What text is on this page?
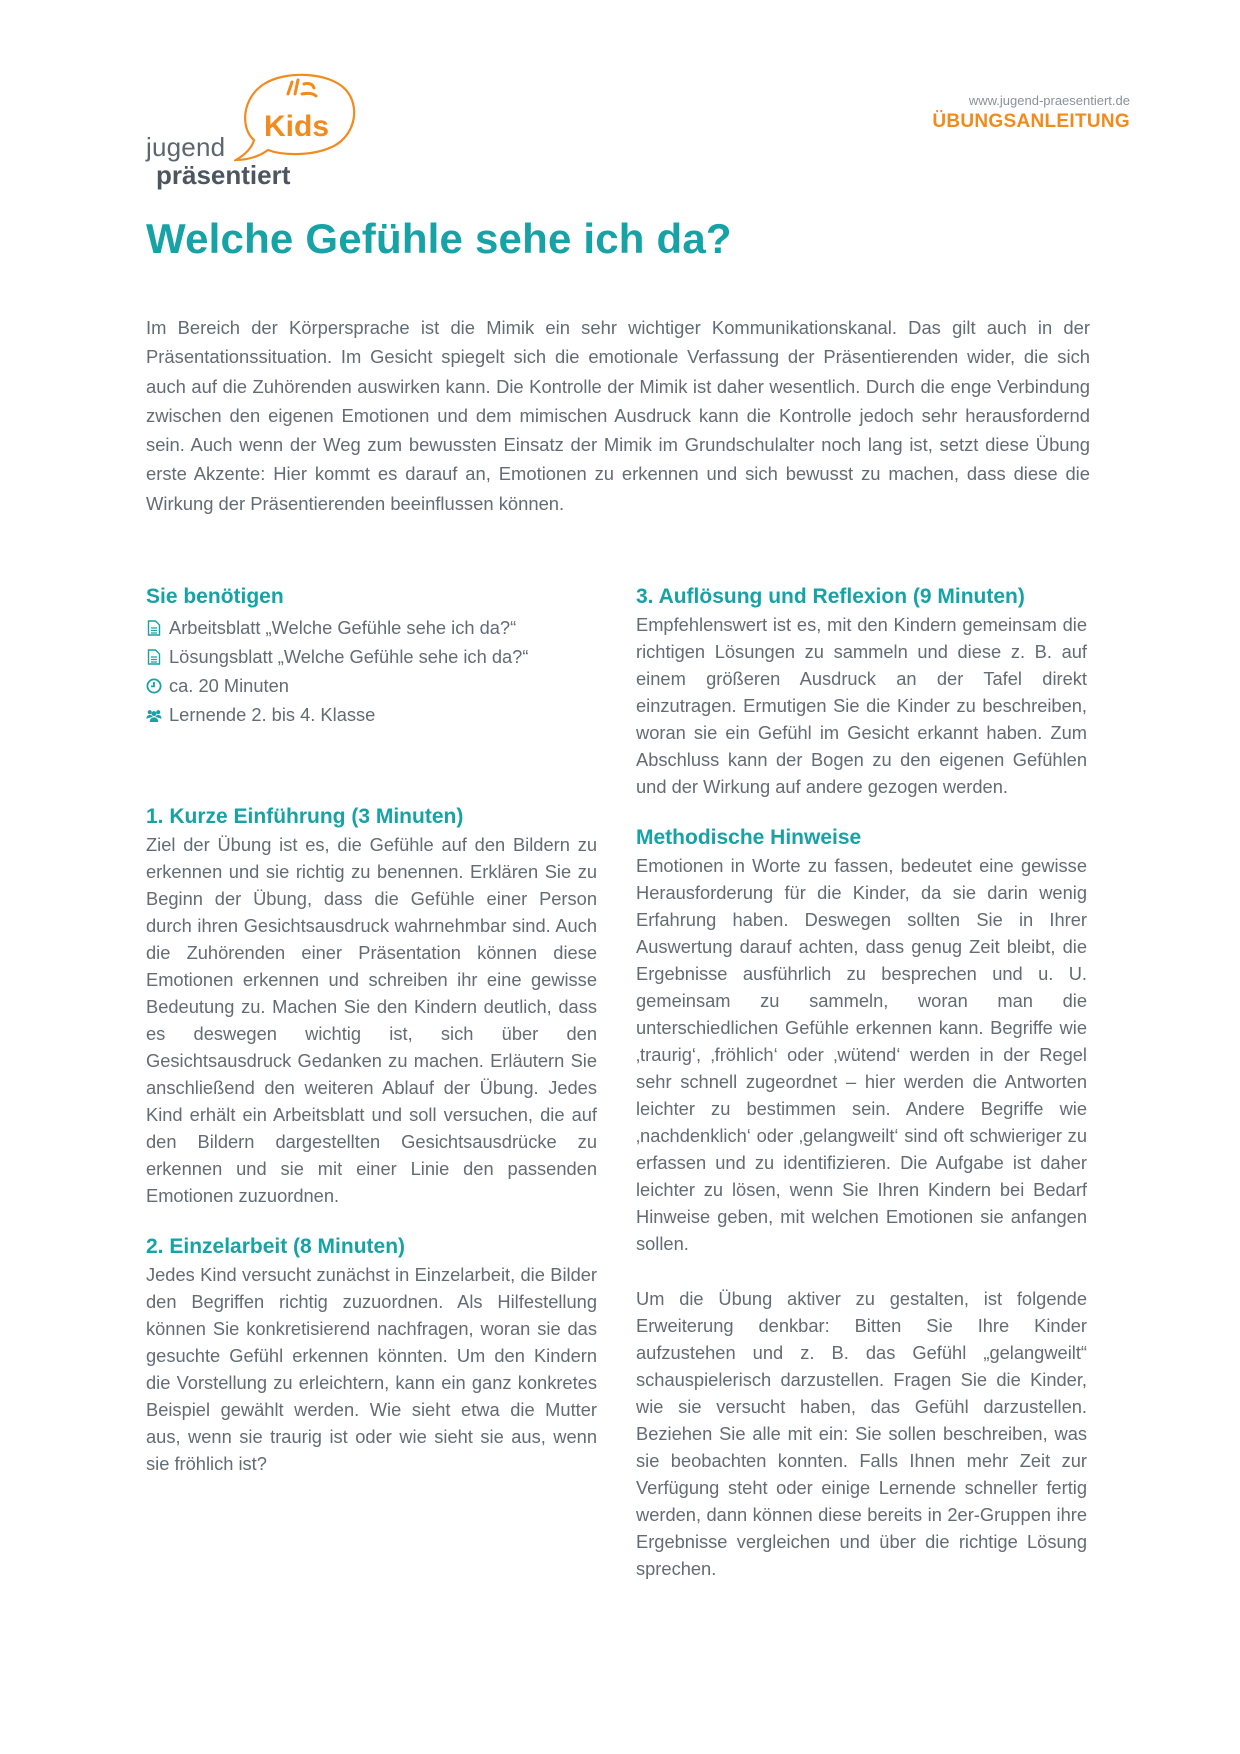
Kids
jugend
präsentiert
www.jugend-praesentiert.de
ÜBUNGSANLEITUNG
Welche Gefühle sehe ich da?

Im Bereich der Körpersprache ist die Mimik ein sehr wichtiger Kommunikationskanal. Das gilt auch in der Präsentationssituation. Im Gesicht spiegelt sich die emotionale Verfassung der Präsentierenden wider, die sich auch auf die Zuhörenden auswirken kann. Die Kontrolle der Mimik ist daher wesentlich. Durch die enge Verbindung zwischen den eigenen Emotionen und dem mimischen Ausdruck kann die Kontrolle jedoch sehr herausfordernd sein. Auch wenn der Weg zum bewussten Einsatz der Mimik im Grundschulalter noch lang ist, setzt diese Übung erste Akzente: Hier kommt es darauf an, Emotionen zu erkennen und sich bewusst zu machen, dass diese die Wirkung der Präsentierenden beeinflussen können.

Sie benötigen
Arbeitsblatt „Welche Gefühle sehe ich da?“
Lösungsblatt „Welche Gefühle sehe ich da?“
ca. 20 Minuten
Lernende 2. bis 4. Klasse
1. Kurze Einführung (3 Minuten)

Ziel der Übung ist es, die Gefühle auf den Bildern zu erkennen und sie richtig zu benennen. Erklären Sie zu Beginn der Übung, dass die Gefühle einer Person durch ihren Gesichtsausdruck wahrnehmbar sind. Auch die Zuhörenden einer Präsentation können diese Emotionen erkennen und schreiben ihr eine gewisse Bedeutung zu. Machen Sie den Kindern deutlich, dass es deswegen wichtig ist, sich über den Gesichtsausdruck Gedanken zu machen. Erläutern Sie anschließend den weiteren Ablauf der Übung. Jedes Kind erhält ein Arbeitsblatt und soll versuchen, die auf den Bildern dargestellten Gesichtsausdrücke zu erkennen und sie mit einer Linie den passenden Emotionen zuzuordnen.

2. Einzelarbeit (8 Minuten)

Jedes Kind versucht zunächst in Einzelarbeit, die Bilder den Begriffen richtig zuzuordnen. Als Hilfestellung können Sie konkretisierend nachfragen, woran sie das gesuchte Gefühl erkennen könnten. Um den Kindern die Vorstellung zu erleichtern, kann ein ganz konkretes Beispiel gewählt werden. Wie sieht etwa die Mutter aus, wenn sie traurig ist oder wie sieht sie aus, wenn sie fröhlich ist?

3. Auflösung und Reflexion (9 Minuten)

Empfehlenswert ist es, mit den Kindern gemeinsam die richtigen Lösungen zu sammeln und diese z. B. auf einem größeren Ausdruck an der Tafel direkt einzutragen. Ermutigen Sie die Kinder zu beschreiben, woran sie ein Gefühl im Gesicht erkannt haben. Zum Abschluss kann der Bogen zu den eigenen Gefühlen und der Wirkung auf andere gezogen werden.

Methodische Hinweise

Emotionen in Worte zu fassen, bedeutet eine gewisse Herausforderung für die Kinder, da sie darin wenig Erfahrung haben. Deswegen sollten Sie in Ihrer Auswertung darauf achten, dass genug Zeit bleibt, die Ergebnisse ausführlich zu besprechen und u. U. gemeinsam zu sammeln, woran man die unterschiedlichen Gefühle erkennen kann. Begriffe wie ‚traurig‘, ‚fröhlich‘ oder ‚wütend‘ werden in der Regel sehr schnell zugeordnet – hier werden die Antworten leichter zu bestimmen sein. Andere Begriffe wie ‚nachdenklich‘ oder ‚gelangweilt‘ sind oft schwieriger zu erfassen und zu identifizieren. Die Aufgabe ist daher leichter zu lösen, wenn Sie Ihren Kindern bei Bedarf Hinweise geben, mit welchen Emotionen sie anfangen sollen.

Um die Übung aktiver zu gestalten, ist folgende Erweiterung denkbar: Bitten Sie Ihre Kinder aufzustehen und z. B. das Gefühl „gelangweilt“ schauspielerisch darzustellen. Fragen Sie die Kinder, wie sie versucht haben, das Gefühl darzustellen. Beziehen Sie alle mit ein: Sie sollen beschreiben, was sie beobachten konnten. Falls Ihnen mehr Zeit zur Verfügung steht oder einige Lernende schneller fertig werden, dann können diese bereits in 2er-Gruppen ihre Ergebnisse vergleichen und über die richtige Lösung sprechen.
